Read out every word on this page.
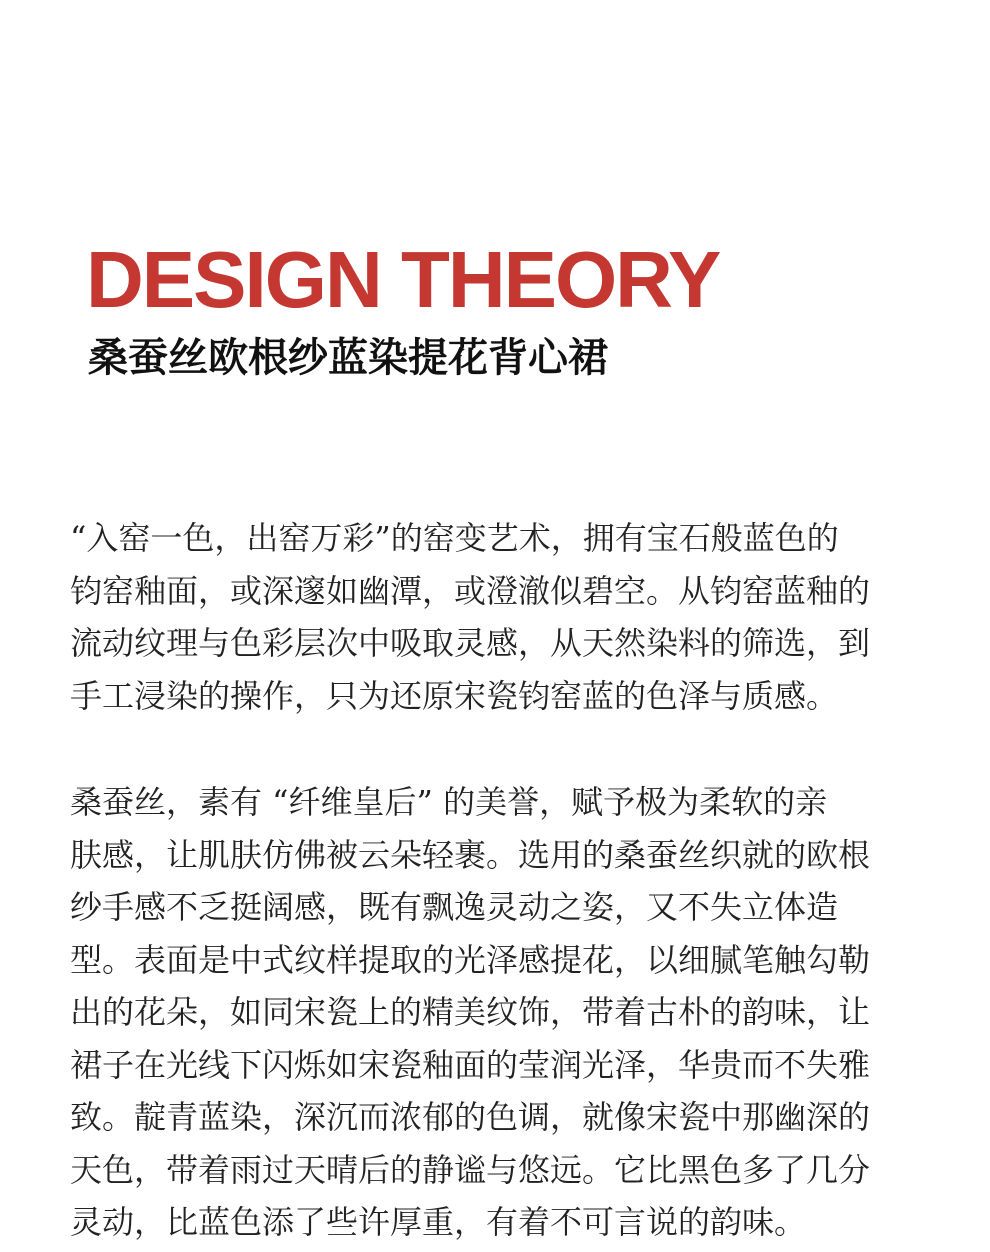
DESIGN THEORY
桑蚕丝欧根纱蓝染提花背心裙

“入窑一色，出窑万彩”的窑变艺术，拥有宝石般蓝色的
钧窑釉面，或深邃如幽潭，或澄澈似碧空。从钧窑蓝釉的
流动纹理与色彩层次中吸取灵感，从天然染料的筛选，到
手工浸染的操作，只为还原宋瓷钧窑蓝的色泽与质感。

桑蚕丝，素有 “纤维皇后” 的美誉，赋予极为柔软的亲
肤感，让肌肤仿佛被云朵轻裹。选用的桑蚕丝织就的欧根
纱手感不乏挺阔感，既有飘逸灵动之姿，又不失立体造
型。表面是中式纹样提取的光泽感提花，以细腻笔触勾勒
出的花朵，如同宋瓷上的精美纹饰，带着古朴的韵味，让
裙子在光线下闪烁如宋瓷釉面的莹润光泽，华贵而不失雅
致。靛青蓝染，深沉而浓郁的色调，就像宋瓷中那幽深的
天色，带着雨过天晴后的静谧与悠远。它比黑色多了几分
灵动，比蓝色添了些许厚重，有着不可言说的韵味。
